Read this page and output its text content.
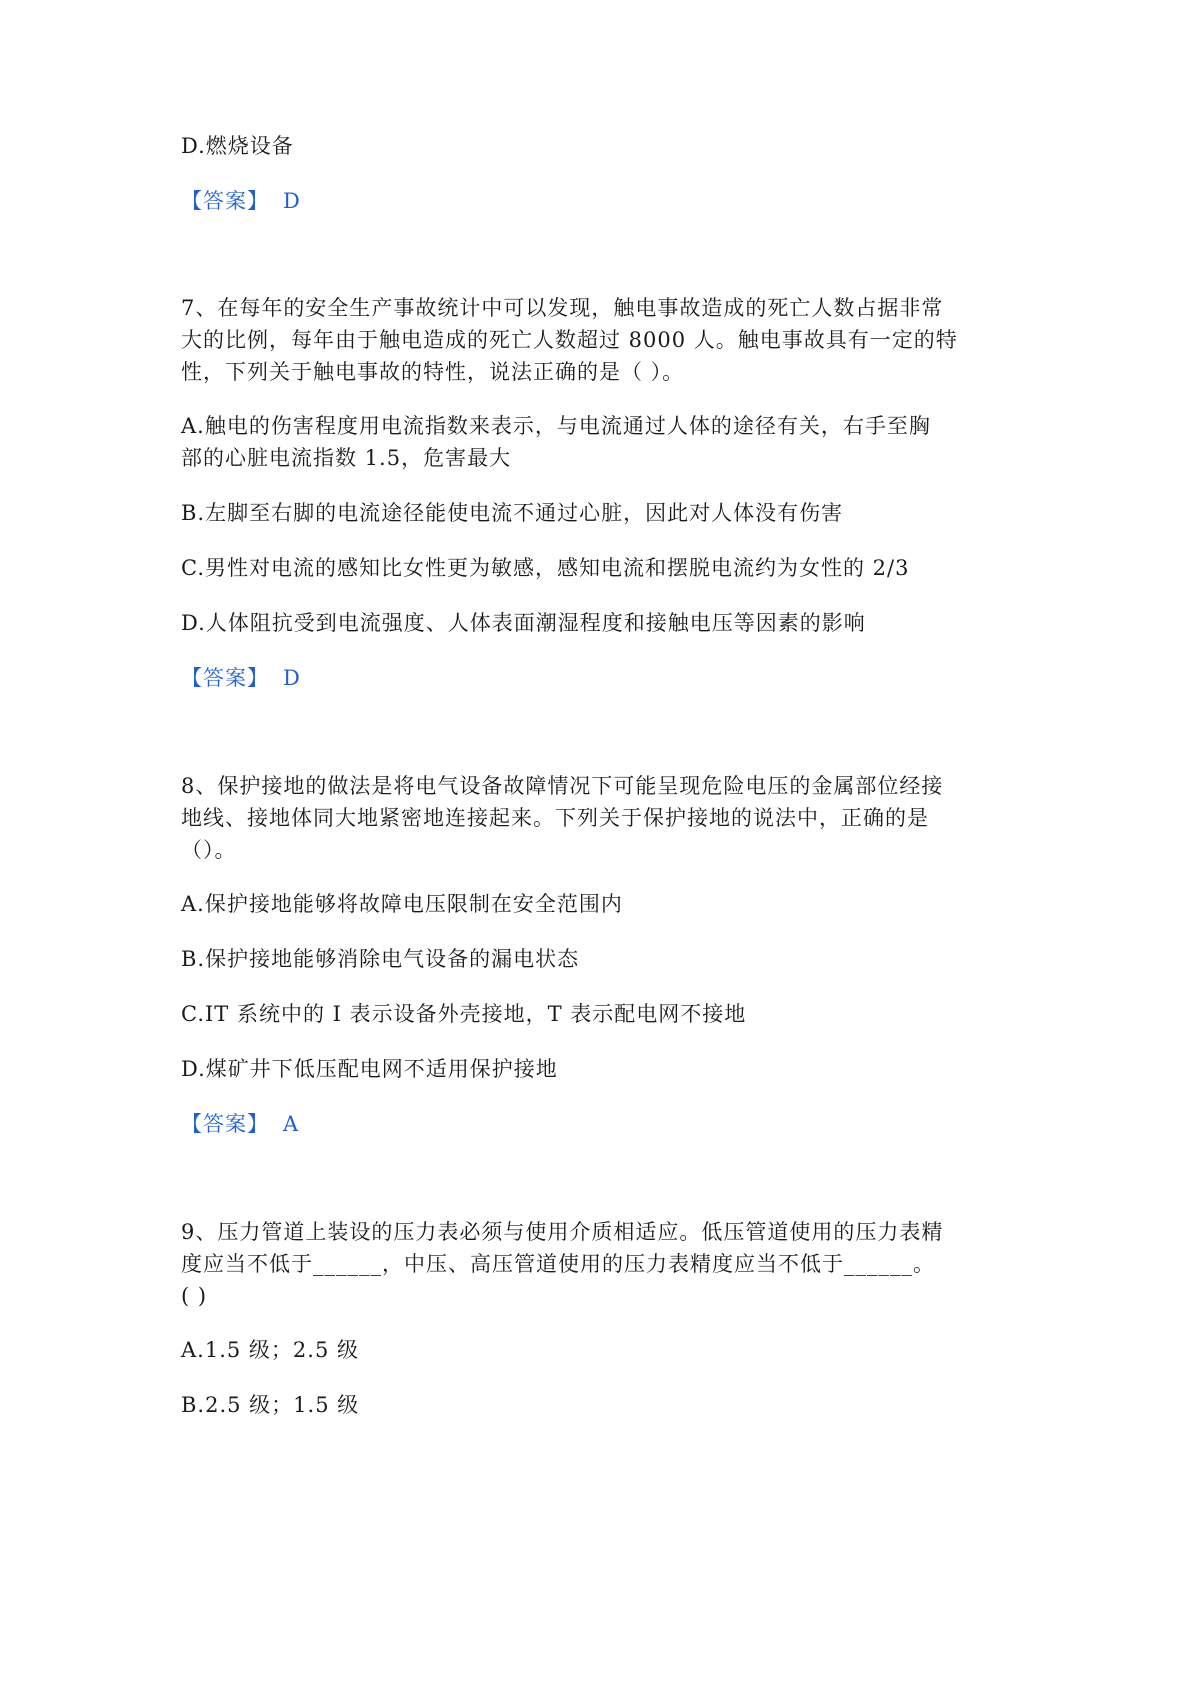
D.燃烧设备
【答案】 D
7、在每年的安全生产事故统计中可以发现，触电事故造成的死亡人数占据非常
大的比例，每年由于触电造成的死亡人数超过 8000 人。触电事故具有一定的特
性，下列关于触电事故的特性，说法正确的是（ ）。
A.触电的伤害程度用电流指数来表示，与电流通过人体的途径有关，右手至胸
部的心脏电流指数 1.5，危害最大
B.左脚至右脚的电流途径能使电流不通过心脏，因此对人体没有伤害
C.男性对电流的感知比女性更为敏感，感知电流和摆脱电流约为女性的 2/3
D.人体阻抗受到电流强度、人体表面潮湿程度和接触电压等因素的影响
【答案】 D
8、保护接地的做法是将电气设备故障情况下可能呈现危险电压的金属部位经接
地线、接地体同大地紧密地连接起来。下列关于保护接地的说法中，正确的是
（）。
A.保护接地能够将故障电压限制在安全范围内
B.保护接地能够消除电气设备的漏电状态
C.IT 系统中的 I 表示设备外壳接地，T 表示配电网不接地
D.煤矿井下低压配电网不适用保护接地
【答案】 A
9、压力管道上装设的压力表必须与使用介质相适应。低压管道使用的压力表精
度应当不低于______，中压、高压管道使用的压力表精度应当不低于______。
( )
A.1.5 级；2.5 级
B.2.5 级；1.5 级
